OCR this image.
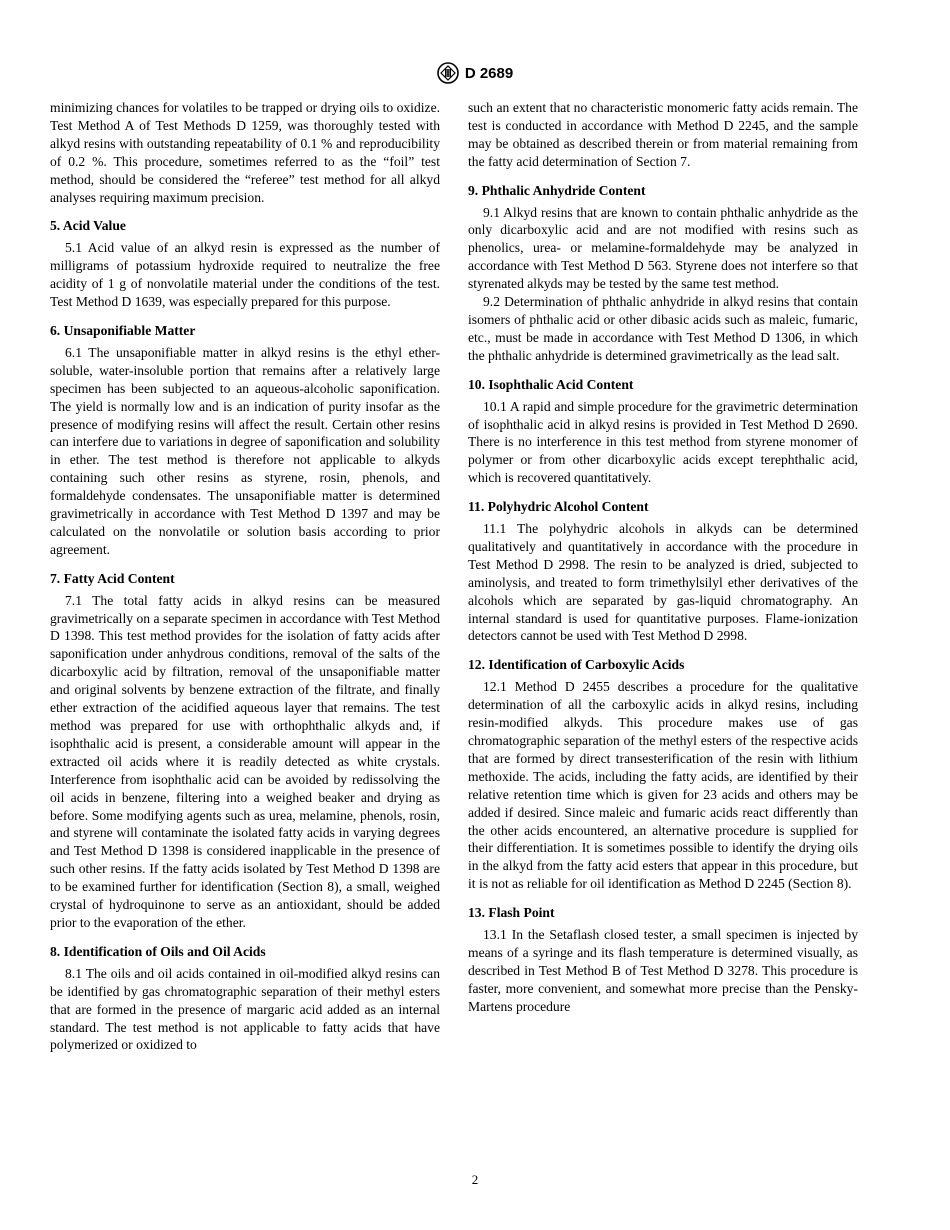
D 2689

minimizing chances for volatiles to be trapped or drying oils to oxidize. Test Method A of Test Methods D 1259, was thoroughly tested with alkyd resins with outstanding repeatability of 0.1 % and reproducibility of 0.2 %. This procedure, sometimes referred to as the “foil” test method, should be considered the “referee” test method for all alkyd analyses requiring maximum precision.

5. Acid Value

5.1 Acid value of an alkyd resin is expressed as the number of milligrams of potassium hydroxide required to neutralize the free acidity of 1 g of nonvolatile material under the conditions of the test. Test Method D 1639, was especially prepared for this purpose.

6. Unsaponifiable Matter

6.1 The unsaponifiable matter in alkyd resins is the ethyl ether-soluble, water-insoluble portion that remains after a relatively large specimen has been subjected to an aqueous-alcoholic saponification. The yield is normally low and is an indication of purity insofar as the presence of modifying resins will affect the result. Certain other resins can interfere due to variations in degree of saponification and solubility in ether. The test method is therefore not applicable to alkyds containing such other resins as styrene, rosin, phenols, and formaldehyde condensates. The unsaponifiable matter is determined gravimetrically in accordance with Test Method D 1397 and may be calculated on the nonvolatile or solution basis according to prior agreement.

7. Fatty Acid Content

7.1 The total fatty acids in alkyd resins can be measured gravimetrically on a separate specimen in accordance with Test Method D 1398. This test method provides for the isolation of fatty acids after saponification under anhydrous conditions, removal of the salts of the dicarboxylic acid by filtration, removal of the unsaponifiable matter and original solvents by benzene extraction of the filtrate, and finally ether extraction of the acidified aqueous layer that remains. The test method was prepared for use with orthophthalic alkyds and, if isophthalic acid is present, a considerable amount will appear in the extracted oil acids where it is readily detected as white crystals. Interference from isophthalic acid can be avoided by redissolving the oil acids in benzene, filtering into a weighed beaker and drying as before. Some modifying agents such as urea, melamine, phenols, rosin, and styrene will contaminate the isolated fatty acids in varying degrees and Test Method D 1398 is considered inapplicable in the presence of such other resins. If the fatty acids isolated by Test Method D 1398 are to be examined further for identification (Section 8), a small, weighed crystal of hydroquinone to serve as an antioxidant, should be added prior to the evaporation of the ether.

8. Identification of Oils and Oil Acids

8.1 The oils and oil acids contained in oil-modified alkyd resins can be identified by gas chromatographic separation of their methyl esters that are formed in the presence of margaric acid added as an internal standard. The test method is not applicable to fatty acids that have polymerized or oxidized to

such an extent that no characteristic monomeric fatty acids remain. The test is conducted in accordance with Method D 2245, and the sample may be obtained as described therein or from material remaining from the fatty acid determination of Section 7.

9. Phthalic Anhydride Content

9.1 Alkyd resins that are known to contain phthalic anhydride as the only dicarboxylic acid and are not modified with resins such as phenolics, urea- or melamine-formaldehyde may be analyzed in accordance with Test Method D 563. Styrene does not interfere so that styrenated alkyds may be tested by the same test method.

9.2 Determination of phthalic anhydride in alkyd resins that contain isomers of phthalic acid or other dibasic acids such as maleic, fumaric, etc., must be made in accordance with Test Method D 1306, in which the phthalic anhydride is determined gravimetrically as the lead salt.

10. Isophthalic Acid Content

10.1 A rapid and simple procedure for the gravimetric determination of isophthalic acid in alkyd resins is provided in Test Method D 2690. There is no interference in this test method from styrene monomer of polymer or from other dicarboxylic acids except terephthalic acid, which is recovered quantitatively.

11. Polyhydric Alcohol Content

11.1 The polyhydric alcohols in alkyds can be determined qualitatively and quantitatively in accordance with the procedure in Test Method D 2998. The resin to be analyzed is dried, subjected to aminolysis, and treated to form trimethylsilyl ether derivatives of the alcohols which are separated by gas-liquid chromatography. An internal standard is used for quantitative purposes. Flame-ionization detectors cannot be used with Test Method D 2998.

12. Identification of Carboxylic Acids

12.1 Method D 2455 describes a procedure for the qualitative determination of all the carboxylic acids in alkyd resins, including resin-modified alkyds. This procedure makes use of gas chromatographic separation of the methyl esters of the respective acids that are formed by direct transesterification of the resin with lithium methoxide. The acids, including the fatty acids, are identified by their relative retention time which is given for 23 acids and others may be added if desired. Since maleic and fumaric acids react differently than the other acids encountered, an alternative procedure is supplied for their differentiation. It is sometimes possible to identify the drying oils in the alkyd from the fatty acid esters that appear in this procedure, but it is not as reliable for oil identification as Method D 2245 (Section 8).

13. Flash Point

13.1 In the Setaflash closed tester, a small specimen is injected by means of a syringe and its flash temperature is determined visually, as described in Test Method B of Test Method D 3278. This procedure is faster, more convenient, and somewhat more precise than the Pensky-Martens procedure

2
